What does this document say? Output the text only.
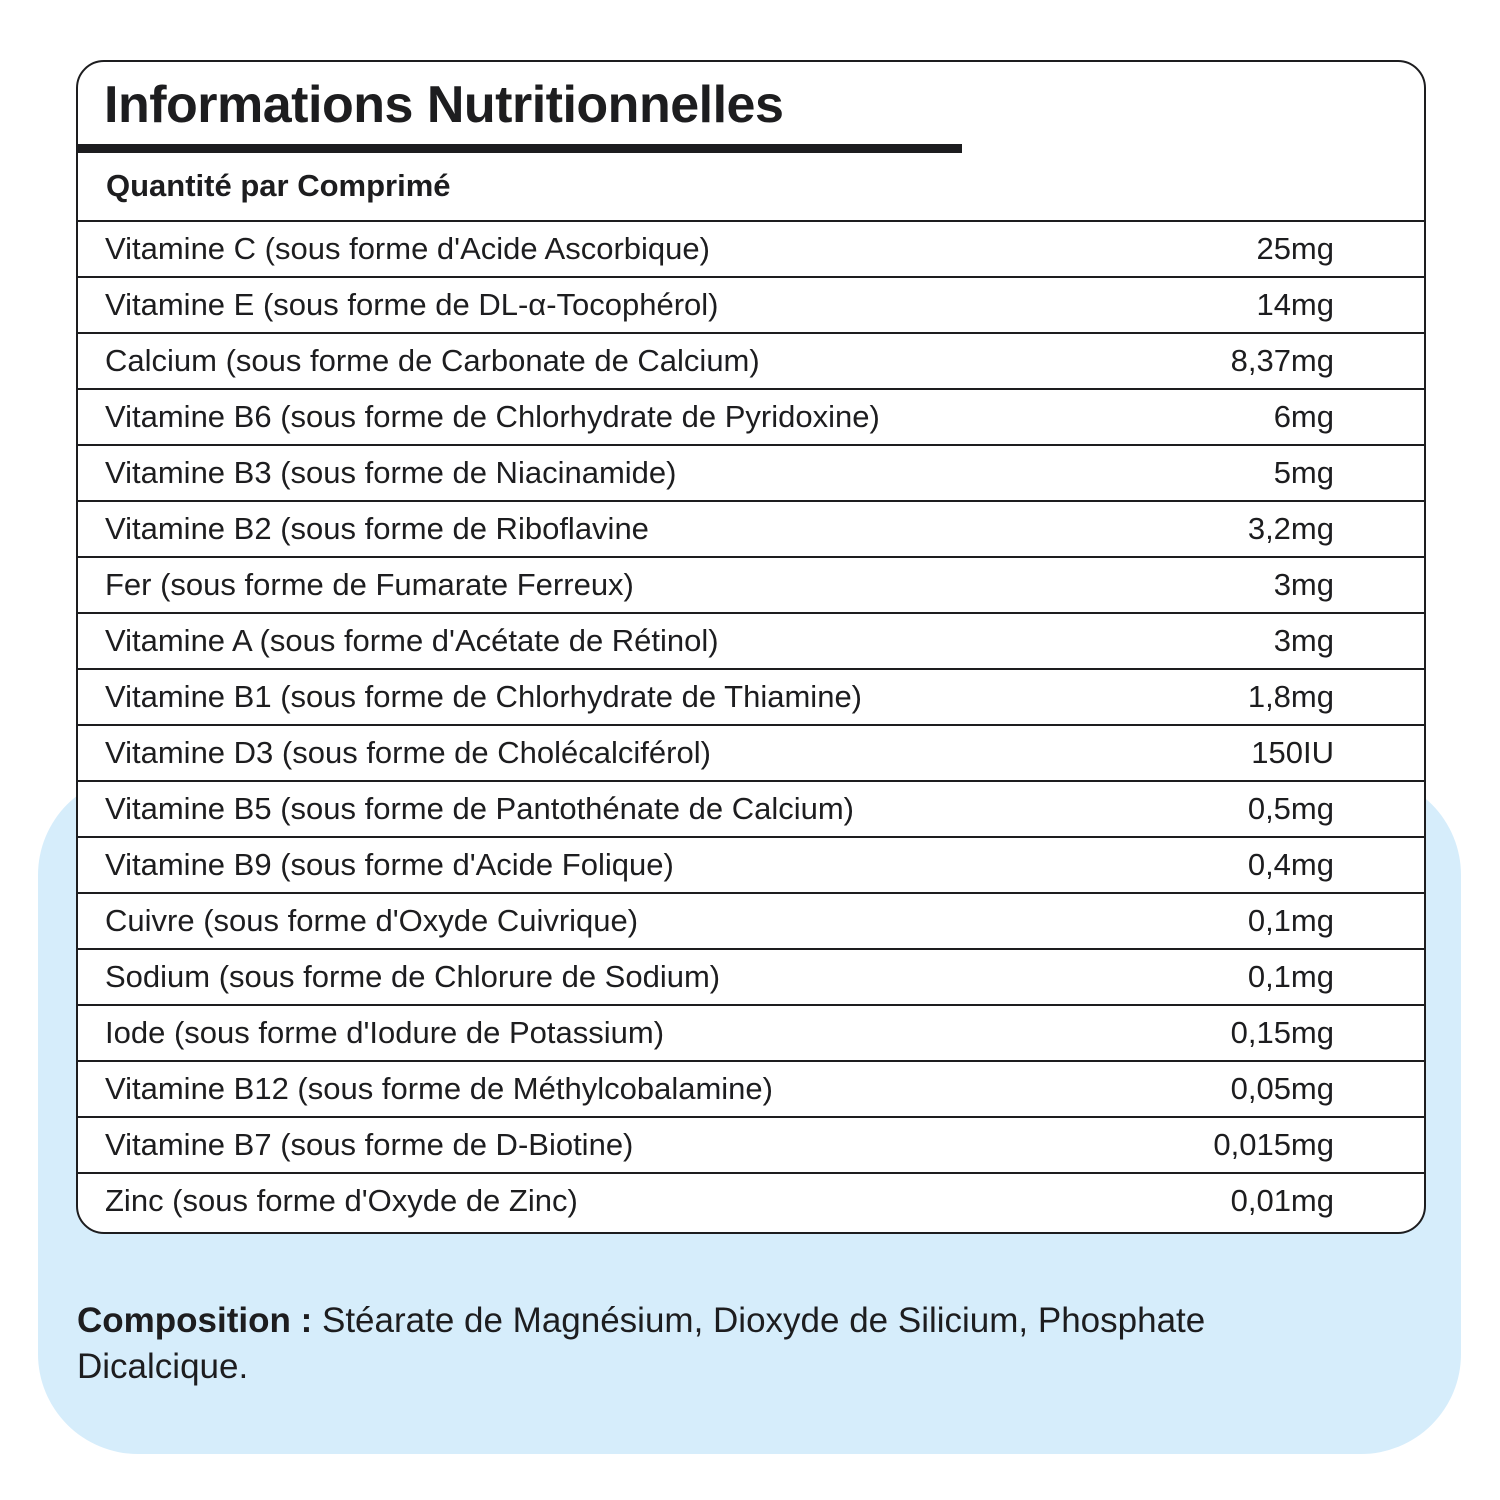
Informations Nutritionnelles
Quantité par Comprimé
Vitamine C (sous forme d'Acide Ascorbique)	25mg
Vitamine E (sous forme de DL-α-Tocophérol)	14mg
Calcium (sous forme de Carbonate de Calcium)	8,37mg
Vitamine B6 (sous forme de Chlorhydrate de Pyridoxine)	6mg
Vitamine B3 (sous forme de Niacinamide)	5mg
Vitamine B2 (sous forme de Riboflavine	3,2mg
Fer (sous forme de Fumarate Ferreux)	3mg
Vitamine A (sous forme d'Acétate de Rétinol)	3mg
Vitamine B1 (sous forme de Chlorhydrate de Thiamine)	1,8mg
Vitamine D3 (sous forme de Cholécalciférol)	150IU
Vitamine B5 (sous forme de Pantothénate de Calcium)	0,5mg
Vitamine B9 (sous forme d'Acide Folique)	0,4mg
Cuivre (sous forme d'Oxyde Cuivrique)	0,1mg
Sodium (sous forme de Chlorure de Sodium)	0,1mg
Iode (sous forme d'Iodure de Potassium)	0,15mg
Vitamine B12 (sous forme de Méthylcobalamine)	0,05mg
Vitamine B7 (sous forme de D-Biotine)	0,015mg
Zinc (sous forme d'Oxyde de Zinc)	0,01mg
Composition : Stéarate de Magnésium, Dioxyde de Silicium, Phosphate Dicalcique.
